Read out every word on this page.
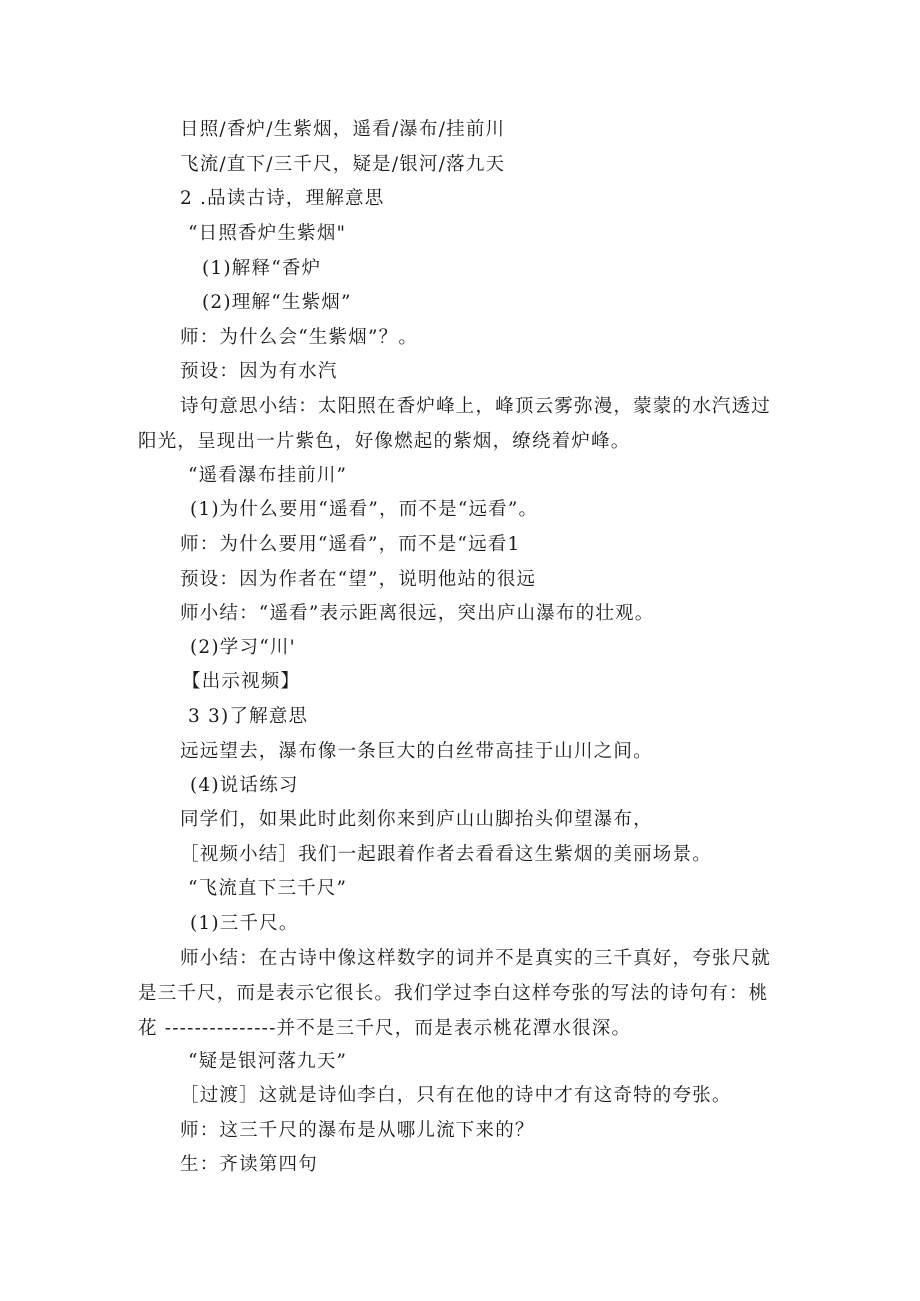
日照/香炉/生紫烟，遥看/瀑布/挂前川
飞流/直下/三千尺，疑是/银河/落九天
2 .品读古诗，理解意思
“日照香炉生紫烟"
(1)解释“香炉
(2)理解“生紫烟”
师：为什么会“生紫烟”？。
预设：因为有水汽
诗句意思小结：太阳照在香炉峰上，峰顶云雾弥漫，蒙蒙的水汽透过阳光，呈现出一片紫色，好像燃起的紫烟，缭绕着炉峰。
“遥看瀑布挂前川”
(1)为什么要用“遥看”，而不是“远看”。
师：为什么要用“遥看”，而不是“远看1
预设：因为作者在“望”，说明他站的很远
师小结：“遥看”表示距离很远，突出庐山瀑布的壮观。
(2)学习“川'
【出示视频】
3 3)了解意思
远远望去，瀑布像一条巨大的白丝带高挂于山川之间。
(4)说话练习
同学们，如果此时此刻你来到庐山山脚抬头仰望瀑布，
［视频小结］我们一起跟着作者去看看这生紫烟的美丽场景。
“飞流直下三千尺”
(1)三千尺。
师小结：在古诗中像这样数字的词并不是真实的三千真好，夸张尺就是三千尺，而是表示它很长。我们学过李白这样夸张的写法的诗句有：桃花 ---------------并不是三千尺，而是表示桃花潭水很深。
“疑是银河落九天”
［过渡］这就是诗仙李白，只有在他的诗中才有这奇特的夸张。
师：这三千尺的瀑布是从哪儿流下来的？
生：齐读第四句
